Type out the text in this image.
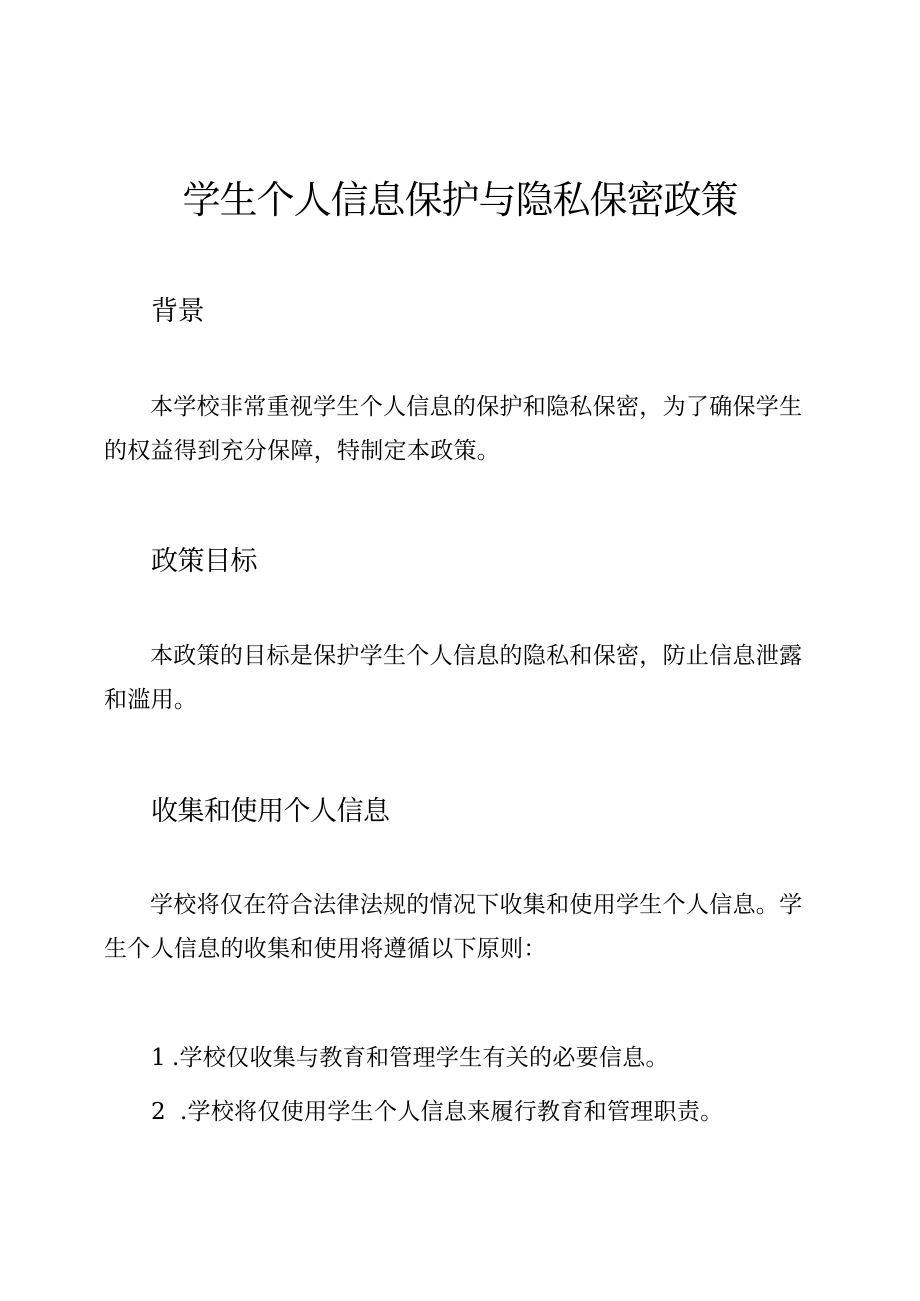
学生个人信息保护与隐私保密政策
背景

本学校非常重视学生个人信息的保护和隐私保密，为了确保学生的权益得到充分保障，特制定本政策。

政策目标

本政策的目标是保护学生个人信息的隐私和保密，防止信息泄露和滥用。

收集和使用个人信息

学校将仅在符合法律法规的情况下收集和使用学生个人信息。学生个人信息的收集和使用将遵循以下原则：

1 .学校仅收集与教育和管理学生有关的必要信息。

2 .学校将仅使用学生个人信息来履行教育和管理职责。
